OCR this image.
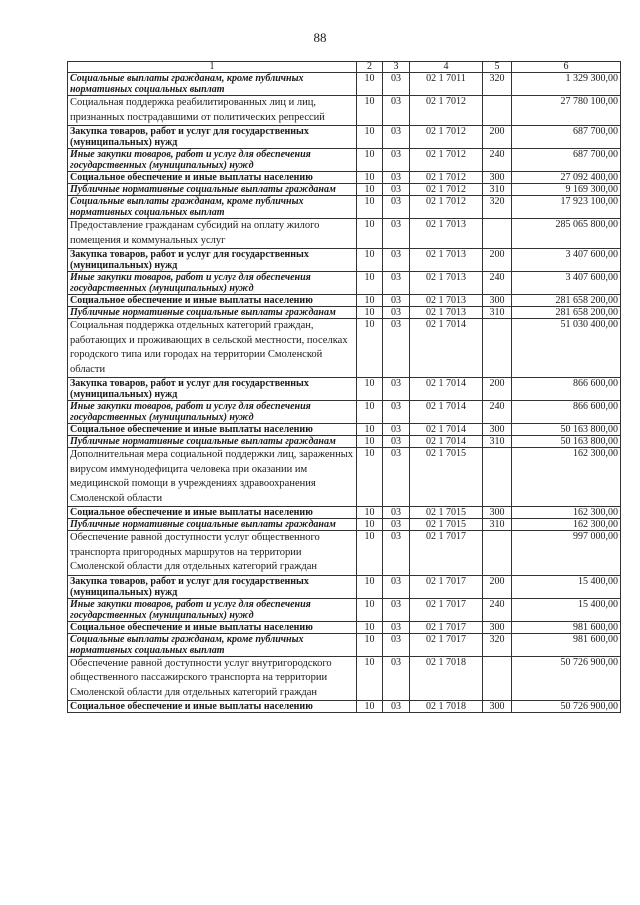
88
1	2	3	4	5	6
Социальные выплаты гражданам, кроме публичных нормативных социальных выплат	10	03	02 1 7011	320	1 329 300,00
Социальная поддержка реабилитированных лиц и лиц, признанных пострадавшими от политических репрессий	10	03	02 1 7012		27 780 100,00
Закупка товаров, работ и услуг для государственных (муниципальных) нужд	10	03	02 1 7012	200	687 700,00
Иные закупки товаров, работ и услуг для обеспечения государственных (муниципальных) нужд	10	03	02 1 7012	240	687 700,00
Социальное обеспечение и иные выплаты населению	10	03	02 1 7012	300	27 092 400,00
Публичные нормативные социальные выплаты гражданам	10	03	02 1 7012	310	9 169 300,00
Социальные выплаты гражданам, кроме публичных нормативных социальных выплат	10	03	02 1 7012	320	17 923 100,00
Предоставление гражданам субсидий на оплату жилого помещения и коммунальных услуг	10	03	02 1 7013		285 065 800,00
Закупка товаров, работ и услуг для государственных (муниципальных) нужд	10	03	02 1 7013	200	3 407 600,00
Иные закупки товаров, работ и услуг для обеспечения государственных (муниципальных) нужд	10	03	02 1 7013	240	3 407 600,00
Социальное обеспечение и иные выплаты населению	10	03	02 1 7013	300	281 658 200,00
Публичные нормативные социальные выплаты гражданам	10	03	02 1 7013	310	281 658 200,00
Социальная поддержка отдельных категорий граждан, работающих и проживающих в сельской местности, поселках городского типа или городах на территории Смоленской области	10	03	02 1 7014		51 030 400,00
Закупка товаров, работ и услуг для государственных (муниципальных) нужд	10	03	02 1 7014	200	866 600,00
Иные закупки товаров, работ и услуг для обеспечения государственных (муниципальных) нужд	10	03	02 1 7014	240	866 600,00
Социальное обеспечение и иные выплаты населению	10	03	02 1 7014	300	50 163 800,00
Публичные нормативные социальные выплаты гражданам	10	03	02 1 7014	310	50 163 800,00
Дополнительная мера социальной поддержки лиц, зараженных вирусом иммунодефицита человека при оказании им медицинской помощи в учреждениях здравоохранения Смоленской области	10	03	02 1 7015		162 300,00
Социальное обеспечение и иные выплаты населению	10	03	02 1 7015	300	162 300,00
Публичные нормативные социальные выплаты гражданам	10	03	02 1 7015	310	162 300,00
Обеспечение равной доступности услуг общественного транспорта пригородных маршрутов на территории Смоленской области для отдельных категорий граждан	10	03	02 1 7017		997 000,00
Закупка товаров, работ и услуг для государственных (муниципальных) нужд	10	03	02 1 7017	200	15 400,00
Иные закупки товаров, работ и услуг для обеспечения государственных (муниципальных) нужд	10	03	02 1 7017	240	15 400,00
Социальное обеспечение и иные выплаты населению	10	03	02 1 7017	300	981 600,00
Социальные выплаты гражданам, кроме публичных нормативных социальных выплат	10	03	02 1 7017	320	981 600,00
Обеспечение равной доступности услуг внутригородского общественного пассажирского транспорта на территории Смоленской области для отдельных категорий граждан	10	03	02 1 7018		50 726 900,00
Социальное обеспечение и иные выплаты населению	10	03	02 1 7018	300	50 726 900,00
